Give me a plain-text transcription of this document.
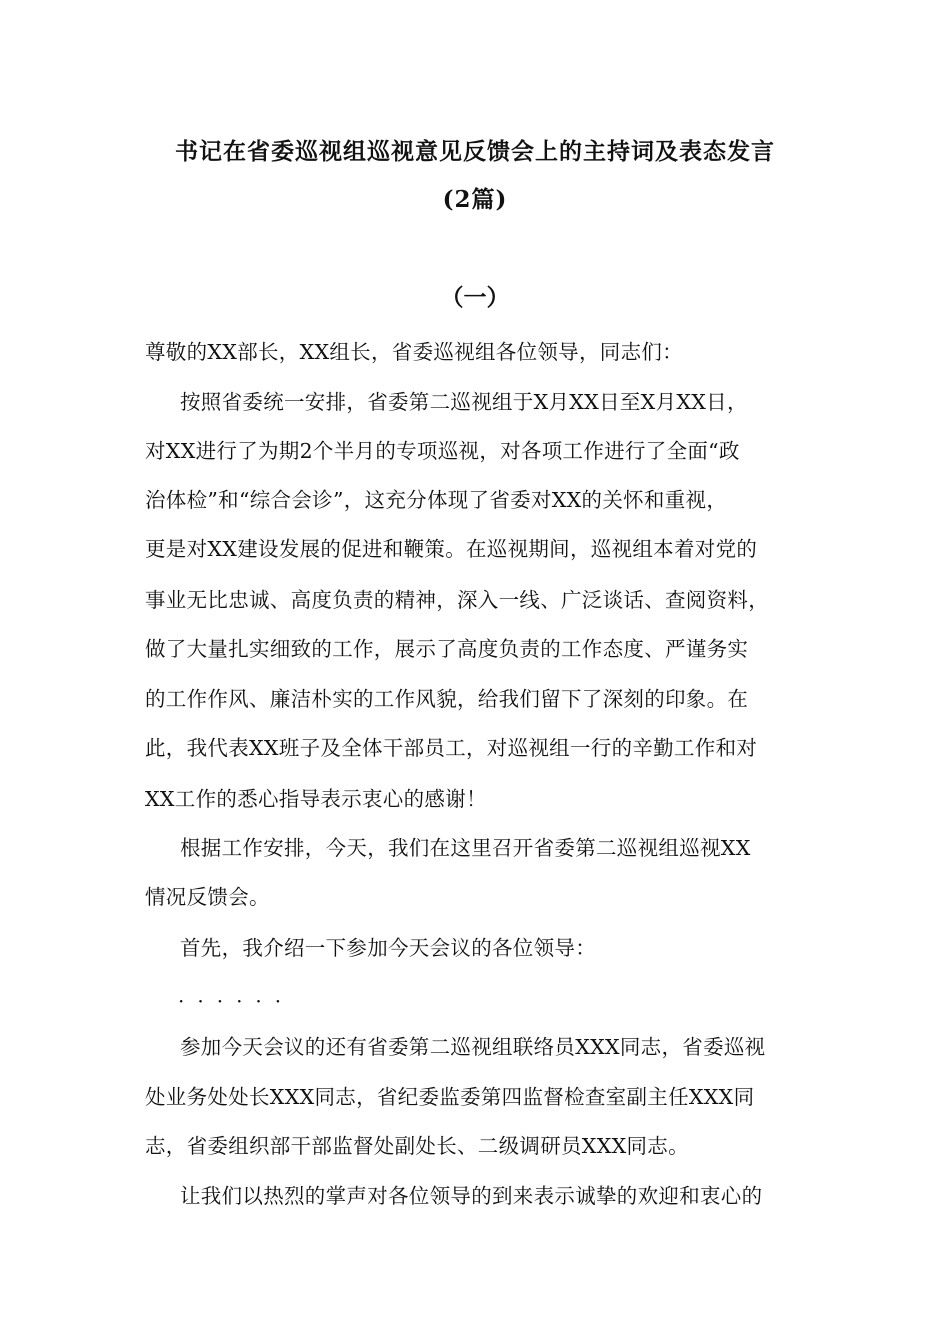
书记在省委巡视组巡视意见反馈会上的主持词及表态发言
(2篇)
（一）
尊敬的XX部长，XX组长，省委巡视组各位领导，同志们：
按照省委统一安排，省委第二巡视组于X月XX日至X月XX日，
对XX进行了为期2个半月的专项巡视，对各项工作进行了全面“政
治体检”和“综合会诊”，这充分体现了省委对XX的关怀和重视，
更是对XX建设发展的促进和鞭策。在巡视期间，巡视组本着对党的
事业无比忠诚、高度负责的精神，深入一线、广泛谈话、查阅资料，
做了大量扎实细致的工作，展示了高度负责的工作态度、严谨务实
的工作作风、廉洁朴实的工作风貌，给我们留下了深刻的印象。在
此，我代表XX班子及全体干部员工，对巡视组一行的辛勤工作和对
XX工作的悉心指导表示衷心的感谢！
根据工作安排，今天，我们在这里召开省委第二巡视组巡视XX
情况反馈会。
首先，我介绍一下参加今天会议的各位领导：
······
参加今天会议的还有省委第二巡视组联络员XXX同志，省委巡视
处业务处处长XXX同志，省纪委监委第四监督检查室副主任XXX同
志，省委组织部干部监督处副处长、二级调研员XXX同志。
让我们以热烈的掌声对各位领导的到来表示诚挚的欢迎和衷心的
